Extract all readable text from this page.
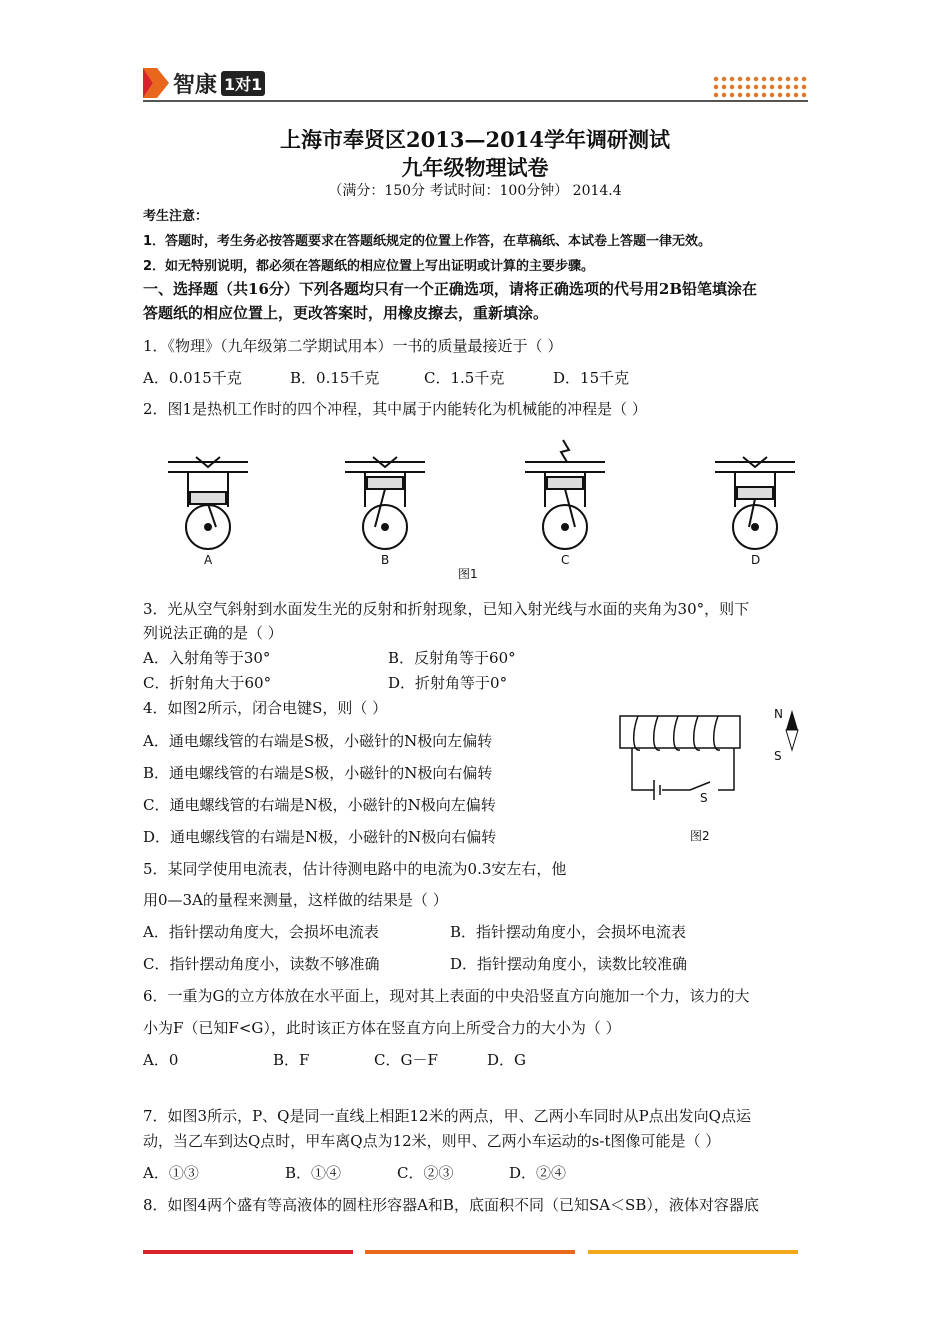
智康 1对1
上海市奉贤区2013—2014学年调研测试
九年级物理试卷
（满分：150分 考试时间：100分钟） 2014.4
考生注意：
1．答题时，考生务必按答题要求在答题纸规定的位置上作答，在草稿纸、本试卷上答题一律无效。
2．如无特别说明，都必须在答题纸的相应位置上写出证明或计算的主要步骤。
一、选择题（共16分）下列各题均只有一个正确选项，请将正确选项的代号用2B铅笔填涂在
答题纸的相应位置上，更改答案时，用橡皮擦去，重新填涂。
1．《物理》（九年级第二学期试用本）一书的质量最接近于（ ）
A．0.015千克	B．0.15千克	C．1.5千克	D．15千克
2．图1是热机工作时的四个冲程，其中属于内能转化为机械能的冲程是（ ）
A	B	C	D
图1
3．光从空气斜射到水面发生光的反射和折射现象，已知入射光线与水面的夹角为30°，则下
列说法正确的是（ ）
A．入射角等于30°	B．反射角等于60°
C．折射角大于60°	D．折射角等于0°
4．如图2所示，闭合电键S，则（ ）
A．通电螺线管的右端是S极，小磁针的N极向左偏转
B．通电螺线管的右端是S极，小磁针的N极向右偏转
C．通电螺线管的右端是N极，小磁针的N极向左偏转
D．通电螺线管的右端是N极，小磁针的N极向右偏转
N
S
S
图2
5．某同学使用电流表，估计待测电路中的电流为0.3安左右，他
用0—3A的量程来测量，这样做的结果是（ ）
A．指针摆动角度大，会损坏电流表	B．指针摆动角度小，会损坏电流表
C．指针摆动角度小，读数不够准确	D．指针摆动角度小，读数比较准确
6．一重为G的立方体放在水平面上，现对其上表面的中央沿竖直方向施加一个力，该力的大
小为F（已知F<G），此时该正方体在竖直方向上所受合力的大小为（ ）
A．0	B．F	C．G－F	D．G
7．如图3所示，P、Q是同一直线上相距12米的两点，甲、乙两小车同时从P点出发向Q点运
动，当乙车到达Q点时，甲车离Q点为12米，则甲、乙两小车运动的s-t图像可能是（ ）
A．①③	B．①④	C．②③	D．②④
8．如图4两个盛有等高液体的圆柱形容器A和B，底面积不同（已知SA＜SB），液体对容器底
